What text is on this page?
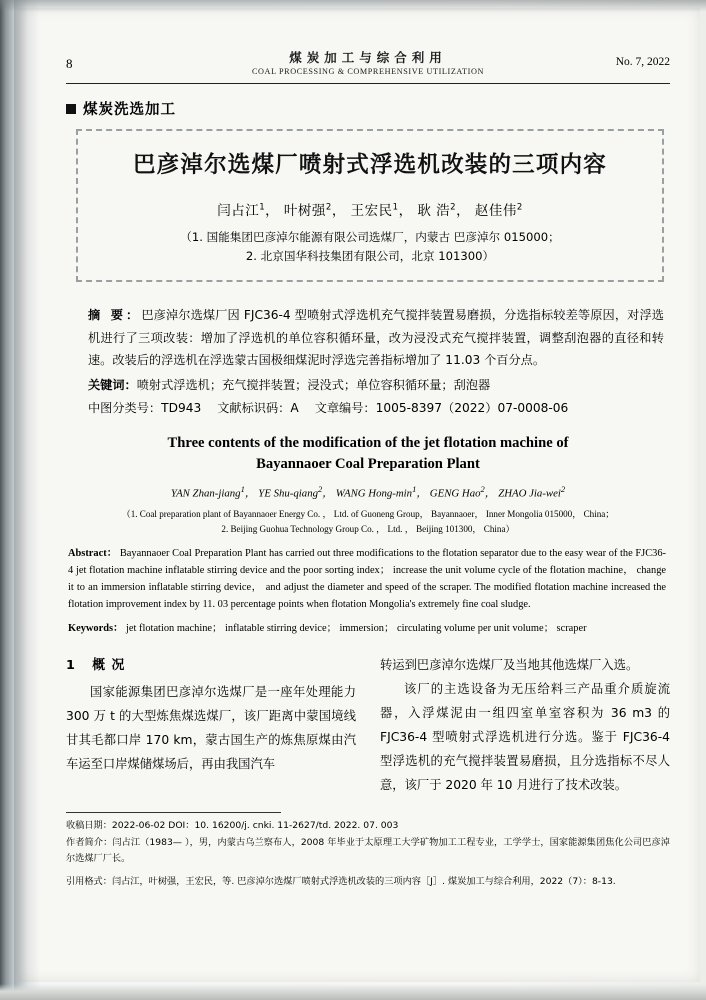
8	煤炭加工与综合利用
COAL PROCESSING & COMPREHENSIVE UTILIZATION
No. 7, 2022
煤炭洗选加工
巴彦淖尔选煤厂喷射式浮选机改装的三项内容
闫占江$^1$， 叶树强$^2$， 王宏民$^1$， 耿 浩$^2$， 赵佳伟$^2$
（1. 国能集团巴彦淖尔能源有限公司选煤厂，内蒙古 巴彦淖尔 015000；
2. 北京国华科技集团有限公司，北京 101300）
摘 要：巴彦淖尔选煤厂因 FJC36-4 型喷射式浮选机充气搅拌装置易磨损，分选指标较差等原因，对浮选机进行了三项改装：增加了浮选机的单位容积循环量，改为浸没式充气搅拌装置，调整刮泡器的直径和转速。改装后的浮选机在浮选蒙古国极细煤泥时浮选完善指标增加了 11.03 个百分点。
关键词：喷射式浮选机；充气搅拌装置；浸没式；单位容积循环量；刮泡器
中图分类号：TD943 文献标识码：A 文章编号：1005-8397（2022）07-0008-06
Three contents of the modification of the jet flotation machine of
Bayannaoer Coal Preparation Plant
YAN Zhan-jiang$^1$， YE Shu-qiang$^2$， WANG Hong-$\min^1$， GENG Hao$^2$， ZHAO Jia-wei$^2$
（1. Coal preparation plant of Bayannaoer Energy Co. ， Ltd. of Guoneng Group， Bayannaoer， Inner Mongolia 015000， China；
2. Beijing Guohua Technology Group Co. ， Ltd. ， Beijing 101300， China）
Abstract： Bayannaoer Coal Preparation Plant has carried out three modifications to the flotation separator due to the easy wear of the FJC36-4 jet flotation machine inflatable stirring device and the poor sorting index； increase the unit volume cycle of the flotation machine， change it to an immersion inflatable stirring device， and adjust the diameter and speed of the scraper. The modified flotation machine increased the flotation improvement index by 11. 03 percentage points when flotation Mongolia's extremely fine coal sludge.
Keywords： jet flotation machine； inflatable stirring device； immersion； circulating volume per unit volume； scraper
1 概 况
国家能源集团巴彦淖尔选煤厂是一座年处理能力 300 万 t 的大型炼焦煤选煤厂，该厂距离中蒙国境线甘其毛都口岸 170 km，蒙古国生产的炼焦原煤由汽车运至口岸煤储煤场后，再由我国汽车
转运到巴彦淖尔选煤厂及当地其他选煤厂入选。
该厂的主选设备为无压给料三产品重介质旋流器，入浮煤泥由一组四室单室容积为 36 m3 的 FJC36-4 型喷射式浮选机进行分选。鉴于 FJC36-4 型浮选机的充气搅拌装置易磨损，且分选指标不尽人意，该厂于 2020 年 10 月进行了技术改装。
收稿日期：2022-06-02 DOI：10. 16200/j. cnki. 11-2627/td. 2022. 07. 003
作者简介：闫占江（1983— ），男，内蒙古乌兰察布人，2008 年毕业于太原理工大学矿物加工工程专业，工学学士，国家能源集团焦化公司巴彦淖尔选煤厂厂长。
引用格式：闫占江，叶树强，王宏民，等. 巴彦淖尔选煤厂喷射式浮选机改装的三项内容［J］. 煤炭加工与综合利用，2022（7）：8-13.
